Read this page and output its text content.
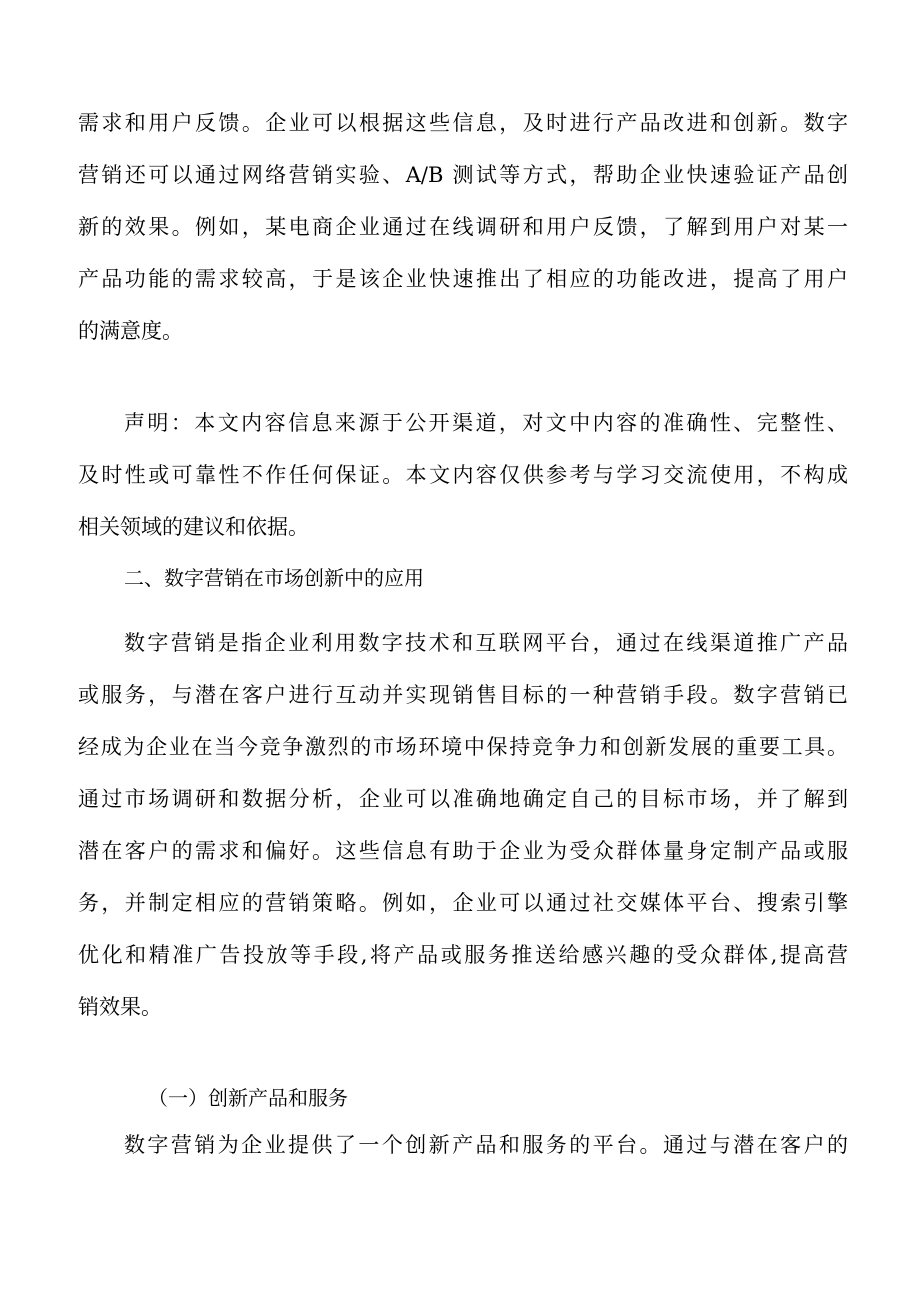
需求和用户反馈。企业可以根据这些信息，及时进行产品改进和创新。数字
营销还可以通过网络营销实验、A/B 测试等方式，帮助企业快速验证产品创
新的效果。例如，某电商企业通过在线调研和用户反馈，了解到用户对某一
产品功能的需求较高，于是该企业快速推出了相应的功能改进，提高了用户
的满意度。
声明：本文内容信息来源于公开渠道，对文中内容的准确性、完整性、
及时性或可靠性不作任何保证。本文内容仅供参考与学习交流使用，不构成
相关领域的建议和依据。
二、数字营销在市场创新中的应用
数字营销是指企业利用数字技术和互联网平台，通过在线渠道推广产品
或服务，与潜在客户进行互动并实现销售目标的一种营销手段。数字营销已
经成为企业在当今竞争激烈的市场环境中保持竞争力和创新发展的重要工具。
通过市场调研和数据分析，企业可以准确地确定自己的目标市场，并了解到
潜在客户的需求和偏好。这些信息有助于企业为受众群体量身定制产品或服
务，并制定相应的营销策略。例如，企业可以通过社交媒体平台、搜索引擎
优化和精准广告投放等手段,将产品或服务推送给感兴趣的受众群体,提高营
销效果。
（一）创新产品和服务
数字营销为企业提供了一个创新产品和服务的平台。通过与潜在客户的
